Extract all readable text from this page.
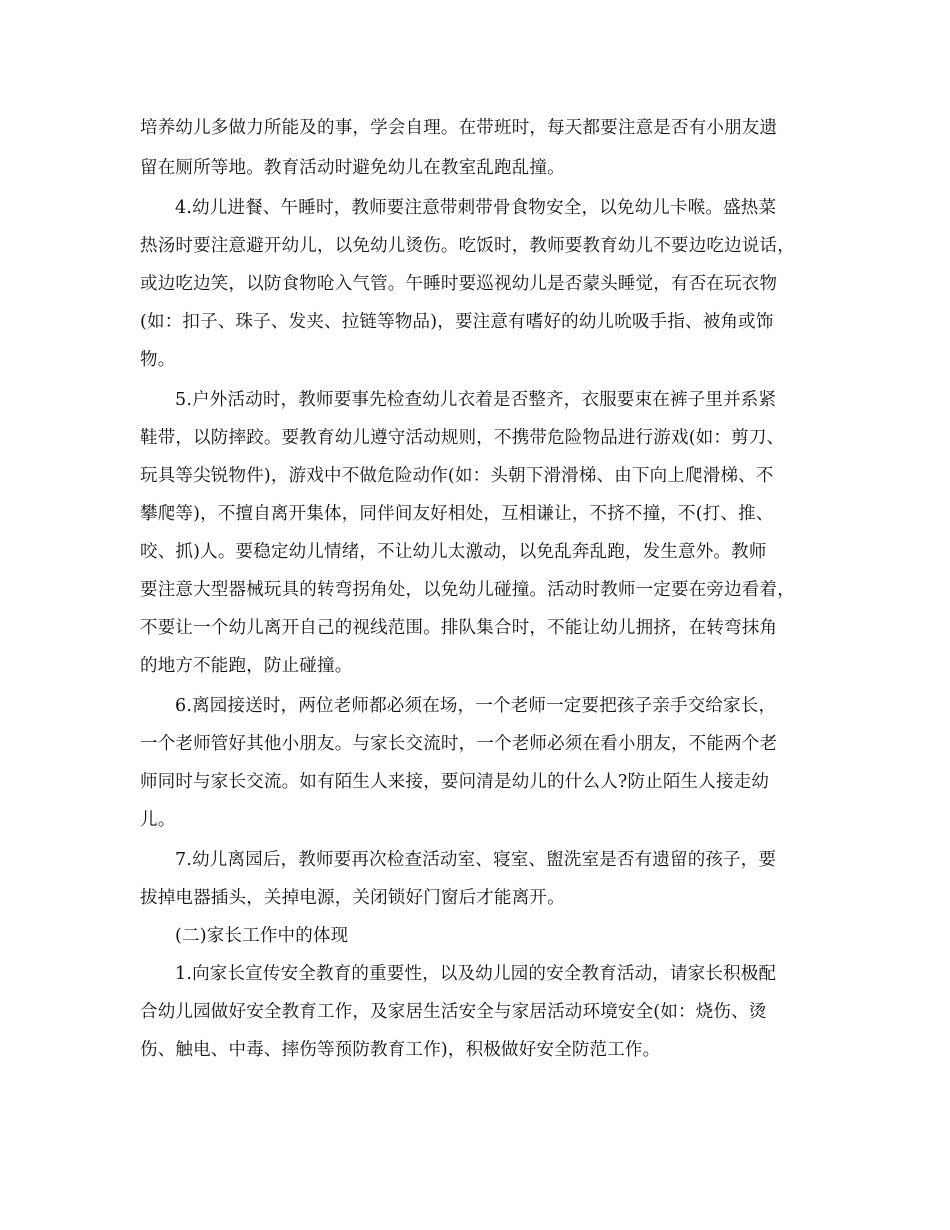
培养幼儿多做力所能及的事，学会自理。在带班时，每天都要注意是否有小朋友遗
留在厕所等地。教育活动时避免幼儿在教室乱跑乱撞。
4.幼儿进餐、午睡时，教师要注意带刺带骨食物安全，以免幼儿卡喉。盛热菜
热汤时要注意避开幼儿，以免幼儿烫伤。吃饭时，教师要教育幼儿不要边吃边说话，
或边吃边笑，以防食物呛入气管。午睡时要巡视幼儿是否蒙头睡觉，有否在玩衣物
(如：扣子、珠子、发夹、拉链等物品)，要注意有嗜好的幼儿吮吸手指、被角或饰
物。
5.户外活动时，教师要事先检查幼儿衣着是否整齐，衣服要束在裤子里并系紧
鞋带，以防摔跤。要教育幼儿遵守活动规则，不携带危险物品进行游戏(如：剪刀、
玩具等尖锐物件)，游戏中不做危险动作(如：头朝下滑滑梯、由下向上爬滑梯、不
攀爬等)，不擅自离开集体，同伴间友好相处，互相谦让，不挤不撞，不(打、推、
咬、抓)人。要稳定幼儿情绪，不让幼儿太激动，以免乱奔乱跑，发生意外。教师
要注意大型器械玩具的转弯拐角处，以免幼儿碰撞。活动时教师一定要在旁边看着，
不要让一个幼儿离开自己的视线范围。排队集合时，不能让幼儿拥挤，在转弯抹角
的地方不能跑，防止碰撞。
6.离园接送时，两位老师都必须在场，一个老师一定要把孩子亲手交给家长，
一个老师管好其他小朋友。与家长交流时，一个老师必须在看小朋友，不能两个老
师同时与家长交流。如有陌生人来接，要问清是幼儿的什么人?防止陌生人接走幼
儿。
7.幼儿离园后，教师要再次检查活动室、寝室、盥洗室是否有遗留的孩子，要
拔掉电器插头，关掉电源，关闭锁好门窗后才能离开。
(二)家长工作中的体现
1.向家长宣传安全教育的重要性，以及幼儿园的安全教育活动，请家长积极配
合幼儿园做好安全教育工作，及家居生活安全与家居活动环境安全(如：烧伤、烫
伤、触电、中毒、摔伤等预防教育工作)，积极做好安全防范工作。
